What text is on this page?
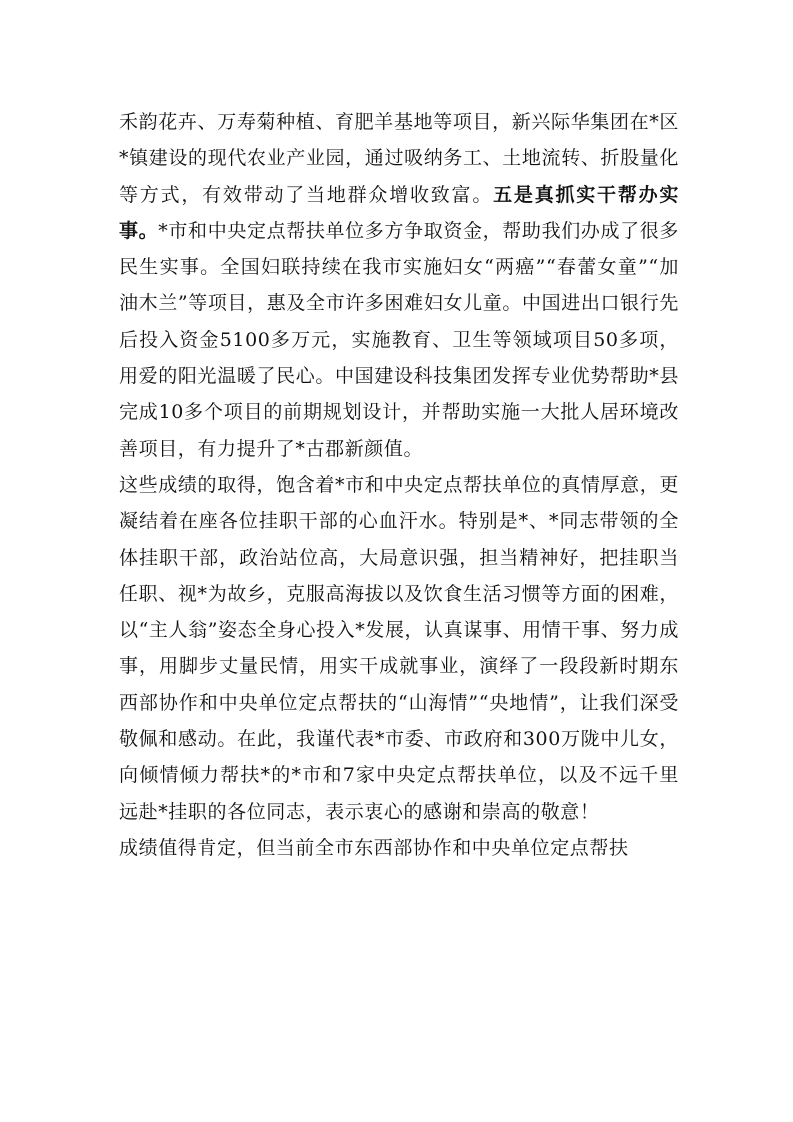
禾韵花卉、万寿菊种植、育肥羊基地等项目，新兴际华集团在*区*镇建设的现代农业产业园，通过吸纳务工、土地流转、折股量化等方式，有效带动了当地群众增收致富。五是真抓实干帮办实事。*市和中央定点帮扶单位多方争取资金，帮助我们办成了很多民生实事。全国妇联持续在我市实施妇女“两癌”“春蕾女童”“加油木兰”等项目，惠及全市许多困难妇女儿童。中国进出口银行先后投入资金5100多万元，实施教育、卫生等领域项目50多项，用爱的阳光温暖了民心。中国建设科技集团发挥专业优势帮助*县完成10多个项目的前期规划设计，并帮助实施一大批人居环境改善项目，有力提升了*古郡新颜值。

这些成绩的取得，饱含着*市和中央定点帮扶单位的真情厚意，更凝结着在座各位挂职干部的心血汗水。特别是*、*同志带领的全体挂职干部，政治站位高，大局意识强，担当精神好，把挂职当任职、视*为故乡，克服高海拔以及饮食生活习惯等方面的困难，以“主人翁”姿态全身心投入*发展，认真谋事、用情干事、努力成事，用脚步丈量民情，用实干成就事业，演绎了一段段新时期东西部协作和中央单位定点帮扶的“山海情”“央地情”，让我们深受敬佩和感动。在此，我谨代表*市委、市政府和300万陇中儿女，向倾情倾力帮扶*的*市和7家中央定点帮扶单位，以及不远千里远赴*挂职的各位同志，表示衷心的感谢和崇高的敬意！

成绩值得肯定，但当前全市东西部协作和中央单位定点帮扶
